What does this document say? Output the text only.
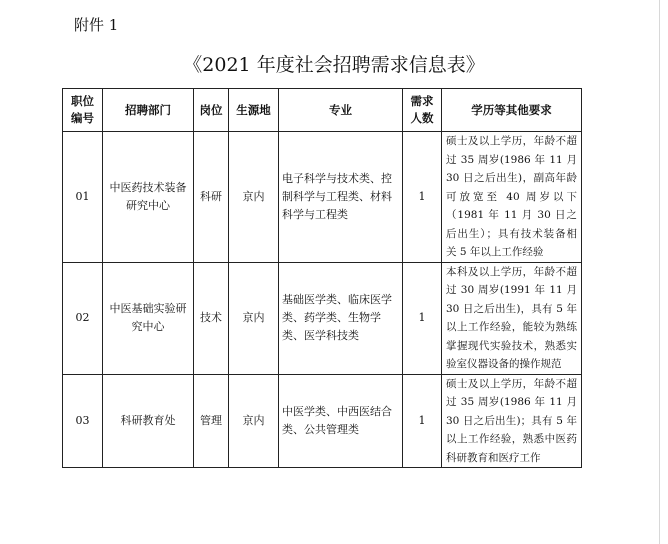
附件 1
《2021 年度社会招聘需求信息表》
职位编号	招聘部门	岗位	生源地	专业	需求人数	学历等其他要求
01	中医药技术装备研究中心	科研	京内	电子科学与技术类、控制科学与工程类、材料科学与工程类	1	硕士及以上学历，年龄不超过 35 周岁(1986 年 11 月 30 日之后出生)，副高年龄可放宽至 40 周岁以下（1981 年 11 月 30 日之后出生）；具有技术装备相关 5 年以上工作经验
02	中医基础实验研究中心	技术	京内	基础医学类、临床医学类、药学类、生物学类、医学科技类	1	本科及以上学历，年龄不超过 30 周岁(1991 年 11 月 30 日之后出生)，具有 5 年以上工作经验，能较为熟练掌握现代实验技术，熟悉实验室仪器设备的操作规范
03	科研教育处	管理	京内	中医学类、中西医结合类、公共管理类	1	硕士及以上学历，年龄不超过 35 周岁(1986 年 11 月 30 日之后出生)；具有 5 年以上工作经验，熟悉中医药科研教育和医疗工作
